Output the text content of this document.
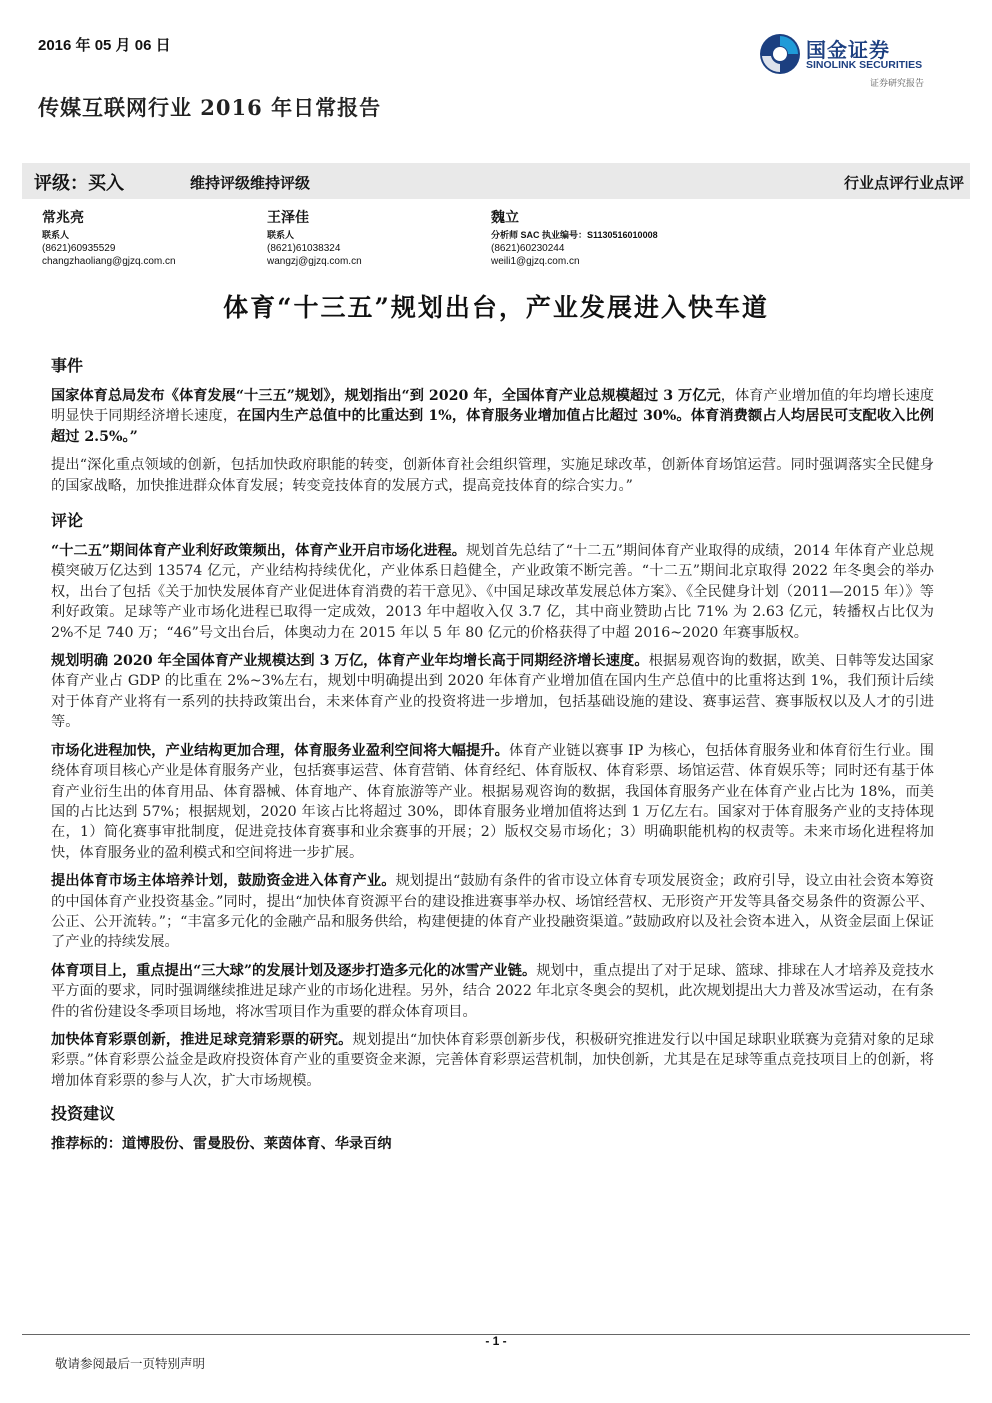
2016 年 05 月 06 日	国金证券
SINOLINK SECURITIES
证券研究报告
传媒互联网行业 2016 年日常报告
评级：买入	维持评级维持评级	行业点评行业点评
常兆亮
联系人
(8621)60935529
changzhaoliang@gjzq.com.cn
王泽佳
联系人
(8621)61038324
wangzj@gjzq.com.cn
魏立
分析师 SAC 执业编号：S1130516010008
(8621)60230244
weili1@gjzq.com.cn
体育“十三五”规划出台，产业发展进入快车道
事件

国家体育总局发布《体育发展“十三五”规划》，规划指出“到 2020 年，全国体育产业总规模超过 3 万亿元，体育产业增加值的年均增长速度明显快于同期经济增长速度，在国内生产总值中的比重达到 1%，体育服务业增加值占比超过 30%。体育消费额占人均居民可支配收入比例超过 2.5%。”

提出“深化重点领域的创新，包括加快政府职能的转变，创新体育社会组织管理，实施足球改革，创新体育场馆运营。同时强调落实全民健身的国家战略，加快推进群众体育发展；转变竞技体育的发展方式，提高竞技体育的综合实力。”

评论

“十二五”期间体育产业利好政策频出，体育产业开启市场化进程。规划首先总结了“十二五”期间体育产业取得的成绩，2014 年体育产业总规模突破万亿达到 13574 亿元，产业结构持续优化，产业体系日趋健全，产业政策不断完善。“十二五”期间北京取得 2022 年冬奥会的举办权，出台了包括《关于加快发展体育产业促进体育消费的若干意见》、《中国足球改革发展总体方案》、《全民健身计划（2011—2015 年）》等利好政策。足球等产业市场化进程已取得一定成效，2013 年中超收入仅 3.7 亿，其中商业赞助占比 71% 为 2.63 亿元，转播权占比仅为 2%不足 740 万；“46”号文出台后，体奥动力在 2015 年以 5 年 80 亿元的价格获得了中超 2016~2020 年赛事版权。

规划明确 2020 年全国体育产业规模达到 3 万亿，体育产业年均增长高于同期经济增长速度。根据易观咨询的数据，欧美、日韩等发达国家体育产业占 GDP 的比重在 2%~3%左右，规划中明确提出到 2020 年体育产业增加值在国内生产总值中的比重将达到 1%，我们预计后续对于体育产业将有一系列的扶持政策出台，未来体育产业的投资将进一步增加，包括基础设施的建设、赛事运营、赛事版权以及人才的引进等。

市场化进程加快，产业结构更加合理，体育服务业盈利空间将大幅提升。体育产业链以赛事 IP 为核心，包括体育服务业和体育衍生行业。围绕体育项目核心产业是体育服务产业，包括赛事运营、体育营销、体育经纪、体育版权、体育彩票、场馆运营、体育娱乐等；同时还有基于体育产业衍生出的体育用品、体育器械、体育地产、体育旅游等产业。根据易观咨询的数据，我国体育服务产业在体育产业占比为 18%，而美国的占比达到 57%；根据规划，2020 年该占比将超过 30%，即体育服务业增加值将达到 1 万亿左右。国家对于体育服务产业的支持体现在，1）简化赛事审批制度，促进竞技体育赛事和业余赛事的开展；2）版权交易市场化；3）明确职能机构的权责等。未来市场化进程将加快，体育服务业的盈利模式和空间将进一步扩展。

提出体育市场主体培养计划，鼓励资金进入体育产业。规划提出“鼓励有条件的省市设立体育专项发展资金；政府引导，设立由社会资本筹资的中国体育产业投资基金。”同时，提出“加快体育资源平台的建设推进赛事举办权、场馆经营权、无形资产开发等具备交易条件的资源公平、公正、公开流转。”；“丰富多元化的金融产品和服务供给，构建便捷的体育产业投融资渠道。”鼓励政府以及社会资本进入，从资金层面上保证了产业的持续发展。

体育项目上，重点提出“三大球”的发展计划及逐步打造多元化的冰雪产业链。规划中，重点提出了对于足球、篮球、排球在人才培养及竞技水平方面的要求，同时强调继续推进足球产业的市场化进程。另外，结合 2022 年北京冬奥会的契机，此次规划提出大力普及冰雪运动，在有条件的省份建设冬季项目场地，将冰雪项目作为重要的群众体育项目。

加快体育彩票创新，推进足球竞猜彩票的研究。规划提出“加快体育彩票创新步伐，积极研究推进发行以中国足球职业联赛为竞猜对象的足球彩票。”体育彩票公益金是政府投资体育产业的重要资金来源，完善体育彩票运营机制，加快创新，尤其是在足球等重点竞技项目上的创新，将增加体育彩票的参与人次，扩大市场规模。

投资建议

推荐标的：道博股份、雷曼股份、莱茵体育、华录百纳

- 1 -
敬请参阅最后一页特别声明
